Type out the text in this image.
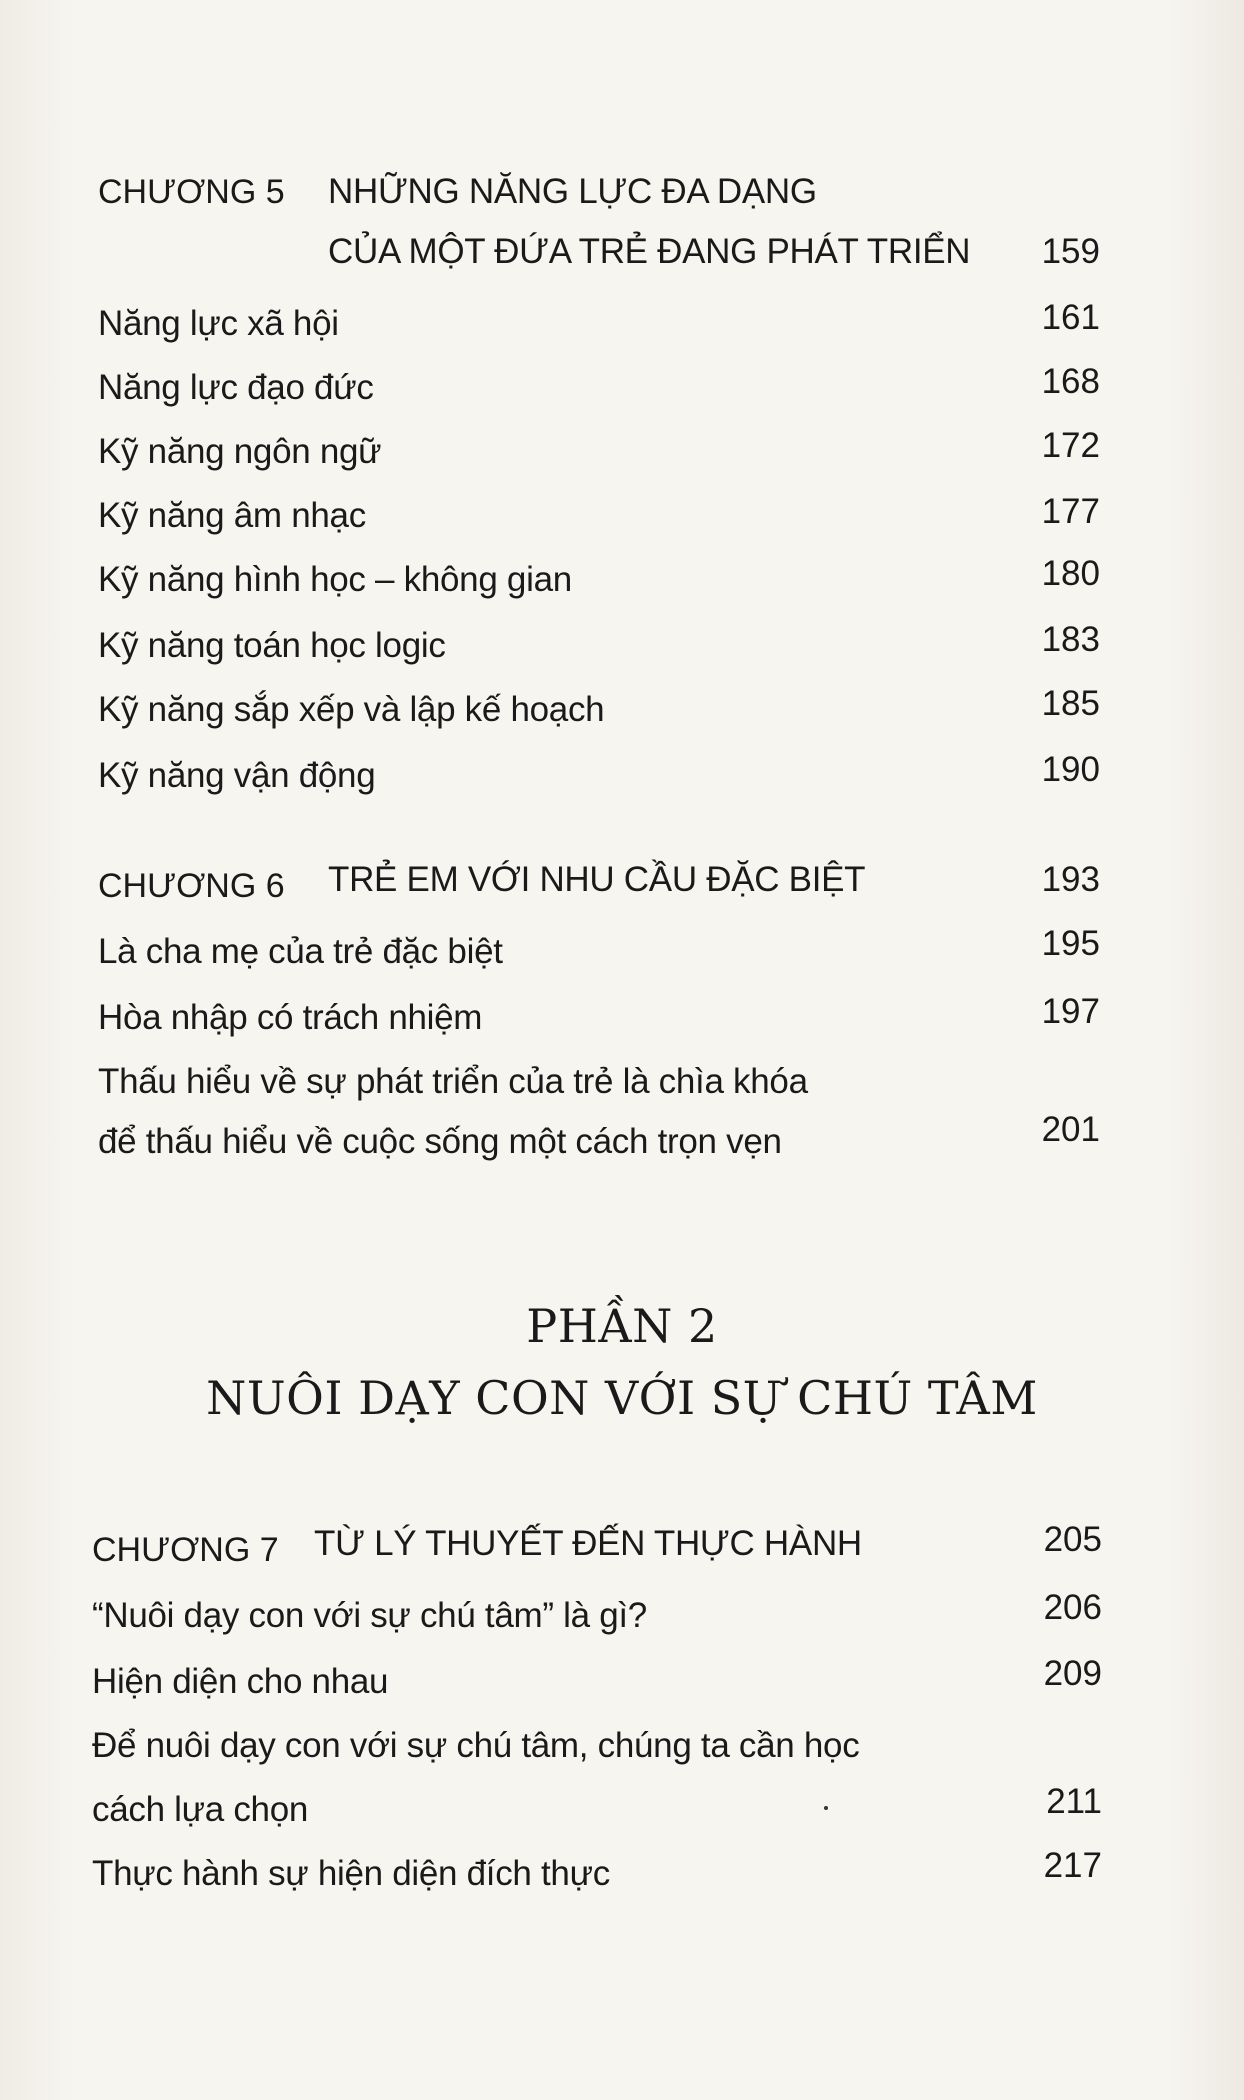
CHƯƠNG 5 NHỮNG NĂNG LỰC ĐA DẠNG
CỦA MỘT ĐỨA TRẺ ĐANG PHÁT TRIỂN	159
Năng lực xã hội	161
Năng lực đạo đức	168
Kỹ năng ngôn ngữ	172
Kỹ năng âm nhạc	177
Kỹ năng hình học – không gian	180
Kỹ năng toán học logic	183
Kỹ năng sắp xếp và lập kế hoạch	185
Kỹ năng vận động	190
CHƯƠNG 6 TRẺ EM VỚI NHU CẦU ĐẶC BIỆT	193
Là cha mẹ của trẻ đặc biệt	195
Hòa nhập có trách nhiệm	197
Thấu hiểu về sự phát triển của trẻ là chìa khóa
để thấu hiểu về cuộc sống một cách trọn vẹn	201
PHẦN 2
NUÔI DẠY CON VỚI SỰ CHÚ TÂM
CHƯƠNG 7 TỪ LÝ THUYẾT ĐẾN THỰC HÀNH	205
“Nuôi dạy con với sự chú tâm” là gì?	206
Hiện diện cho nhau	209
Để nuôi dạy con với sự chú tâm, chúng ta cần học
cách lựa chọn	211
Thực hành sự hiện diện đích thực	217
